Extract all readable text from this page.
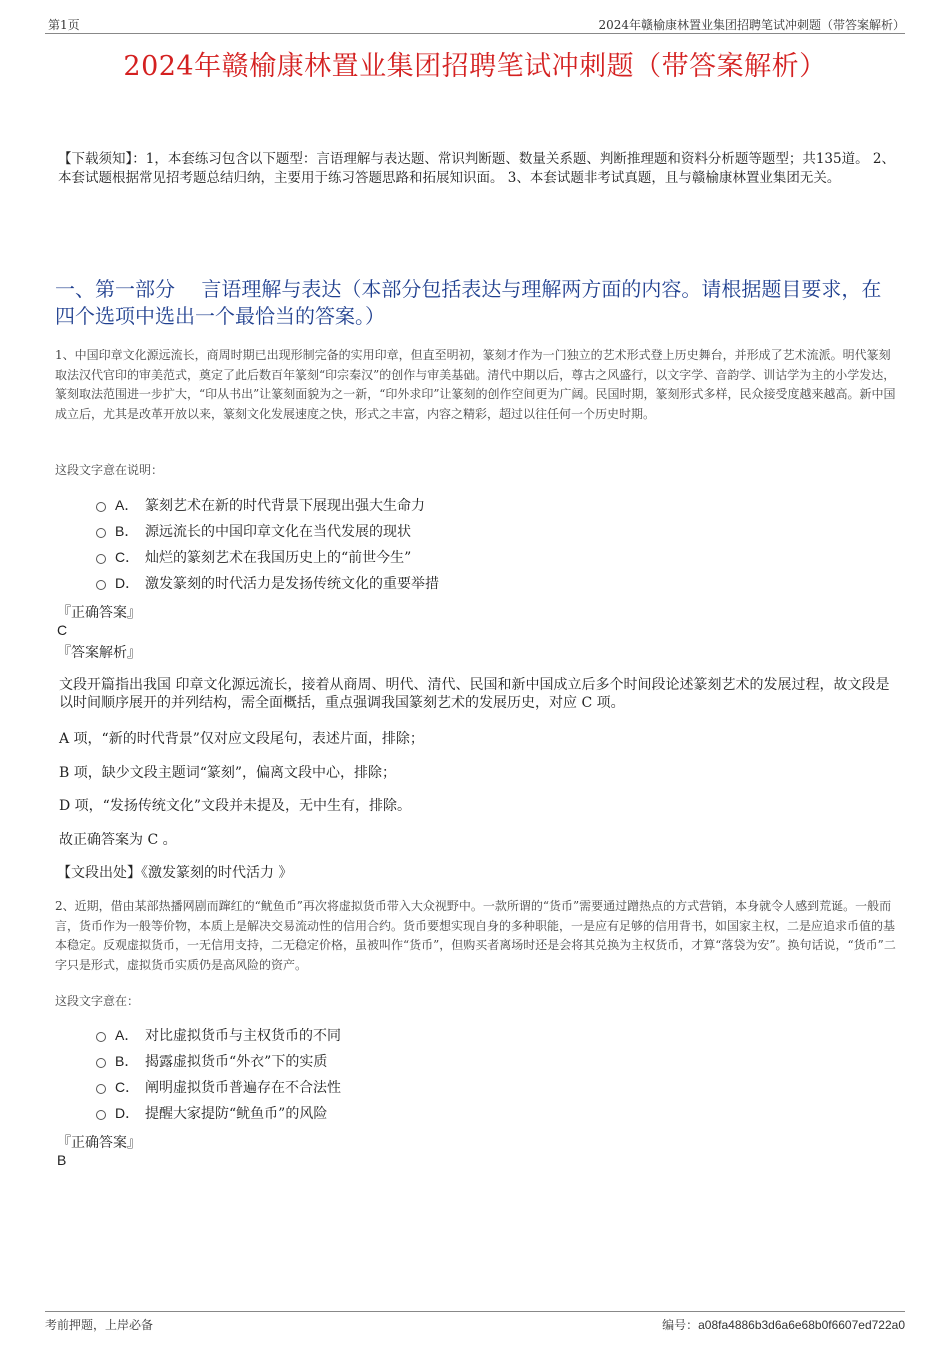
第1页	2024年赣榆康林置业集团招聘笔试冲刺题（带答案解析）
2024年赣榆康林置业集团招聘笔试冲刺题（带答案解析）
【下载须知】：1，本套练习包含以下题型：言语理解与表达题、常识判断题、数量关系题、判断推理题和资料分析题等题型；共135道。 2、本套试题根据常见招考题总结归纳，主要用于练习答题思路和拓展知识面。 3、本套试题非考试真题，且与赣榆康林置业集团无关。
一、第一部分　 言语理解与表达（本部分包括表达与理解两方面的内容。请根据题目要求，在四个选项中选出一个最恰当的答案。）
1、中国印章文化源远流长，商周时期已出现形制完备的实用印章，但直至明初，篆刻才作为一门独立的艺术形式登上历史舞台，并形成了艺术流派。明代篆刻取法汉代官印的审美范式，奠定了此后数百年篆刻“印宗秦汉”的创作与审美基础。清代中期以后，尊古之风盛行，以文字学、音韵学、训诂学为主的小学发达，篆刻取法范围进一步扩大，“印从书出”让篆刻面貌为之一新，“印外求印”让篆刻的创作空间更为广阔。民国时期，篆刻形式多样，民众接受度越来越高。新中国成立后，尤其是改革开放以来，篆刻文化发展速度之快，形式之丰富，内容之精彩，超过以往任何一个历史时期。
这段文字意在说明：
A． 篆刻艺术在新的时代背景下展现出强大生命力
B． 源远流长的中国印章文化在当代发展的现状
C． 灿烂的篆刻艺术在我国历史上的“前世今生”
D． 激发篆刻的时代活力是发扬传统文化的重要举措
『正确答案』
C
『答案解析』
文段开篇指出我国 印章文化源远流长，接着从商周、明代、清代、民国和新中国成立后多个时间段论述篆刻艺术的发展过程，故文段是以时间顺序展开的并列结构，需全面概括，重点强调我国篆刻艺术的发展历史，对应 C 项。
A 项，“新的时代背景”仅对应文段尾句，表述片面，排除；
B 项，缺少文段主题词“篆刻”，偏离文段中心，排除；
D 项，“发扬传统文化”文段并未提及，无中生有，排除。
故正确答案为 C 。
【文段出处】《激发篆刻的时代活力 》
2、近期，借由某部热播网剧而蹿红的“鱿鱼币”再次将虚拟货币带入大众视野中。一款所谓的“货币”需要通过蹭热点的方式营销，本身就令人感到荒诞。一般而言，货币作为一般等价物，本质上是解决交易流动性的信用合约。货币要想实现自身的多种职能，一是应有足够的信用背书，如国家主权，二是应追求币值的基本稳定。反观虚拟货币，一无信用支持，二无稳定价格，虽被叫作“货币”，但购买者离场时还是会将其兑换为主权货币，才算“落袋为安”。换句话说，“货币”二字只是形式，虚拟货币实质仍是高风险的资产。
这段文字意在：
A． 对比虚拟货币与主权货币的不同
B． 揭露虚拟货币“外衣”下的实质
C． 阐明虚拟货币普遍存在不合法性
D． 提醒大家提防“鱿鱼币”的风险
『正确答案』
B
考前押题，上岸必备	编号：a08fa4886b3d6a6e68b0f6607ed722a0
